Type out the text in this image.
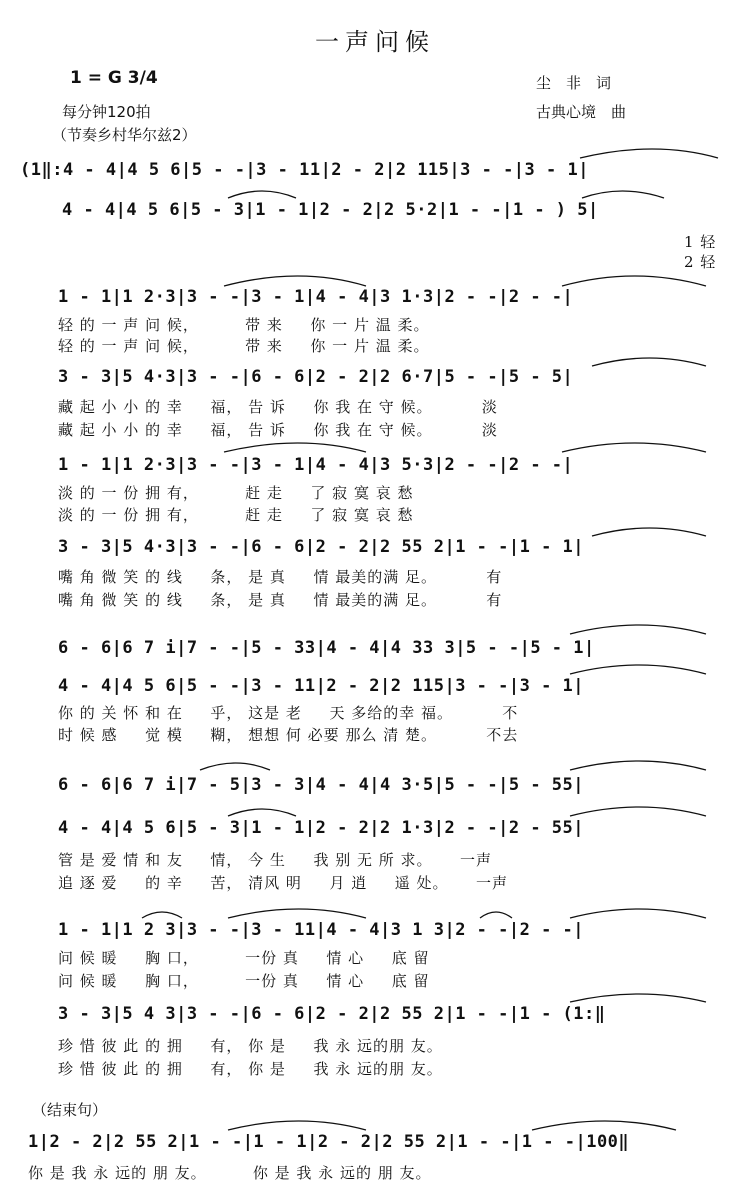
一声问候
1 = G 3/4
每分钟120拍
（节奏乡村华尔兹2）
尘　非　词
古典心境　曲
(1‖:4 - 4|4 5 6|5 - -|3 - 11|2 - 2|2 115|3 - -|3 - 1|
4 - 4|4 5 6|5 - 3|1 - 1|2 - 2|2 5·2|1 - -|1 - ) 5|
1 轻
2 轻
1 - 1|1 2·3|3 - -|3 - 1|4 - 4|3 1·3|2 - -|2 - -|
轻 的 一 声 问 候，　　　 带 来 　 你 一 片 温 柔。
轻 的 一 声 问 候，　　　 带 来 　 你 一 片 温 柔。
3 - 3|5 4·3|3 - -|6 - 6|2 - 2|2 6·7|5 - -|5 - 5|
藏 起 小 小 的 幸 　 福， 告 诉 　 你 我 在 守 候。 　 　 淡
藏 起 小 小 的 幸 　 福， 告 诉 　 你 我 在 守 候。 　 　 淡
1 - 1|1 2·3|3 - -|3 - 1|4 - 4|3 5·3|2 - -|2 - -|
淡 的 一 份 拥 有，　　　 赶 走 　 了 寂 寞 哀 愁
淡 的 一 份 拥 有，　　　 赶 走 　 了 寂 寞 哀 愁
3 - 3|5 4·3|3 - -|6 - 6|2 - 2|2 55 2|1 - -|1 - 1|
嘴 角 微 笑 的 线 　 条， 是 真 　 情 最美的满 足。 　 　 有
嘴 角 微 笑 的 线 　 条， 是 真 　 情 最美的满 足。 　 　 有
6 - 6|6 7 i|7 - -|5 - 33|4 - 4|4 33 3|5 - -|5 - 1|
4 - 4|4 5 6|5 - -|3 - 11|2 - 2|2 115|3 - -|3 - 1|
你 的 关 怀 和 在 　 乎， 这是 老 　 天 多给的幸 福。 　 　 不
时 候 感 　 觉 模 　 糊， 想想 何 必要 那么 清 楚。 　 　 不去
6 - 6|6 7 i|7 - 5|3 - 3|4 - 4|4 3·5|5 - -|5 - 55|
4 - 4|4 5 6|5 - 3|1 - 1|2 - 2|2 1·3|2 - -|2 - 55|
管 是 爱 情 和 友 　 情， 今 生 　 我 别 无 所 求。 　 一声
追 逐 爱 　 的 辛 　 苦， 清风 明 　 月 逍 　 遥 处。 　 一声
1 - 1|1 2 3|3 - -|3 - 11|4 - 4|3 1 3|2 - -|2 - -|
问 候 暖 　 胸 口，　　　 一份 真 　 情 心 　 底 留
问 候 暖 　 胸 口，　　　 一份 真 　 情 心 　 底 留
3 - 3|5 4 3|3 - -|6 - 6|2 - 2|2 55 2|1 - -|1 - (1:‖
珍 惜 彼 此 的 拥 　 有， 你 是 　 我 永 远的朋 友。
珍 惜 彼 此 的 拥 　 有， 你 是 　 我 永 远的朋 友。
（结束句）
1|2 - 2|2 55 2|1 - -|1 - 1|2 - 2|2 55 2|1 - -|1 - -|100‖
你 是 我 永 远的 朋 友。　　　 你 是 我 永 远的 朋 友。
